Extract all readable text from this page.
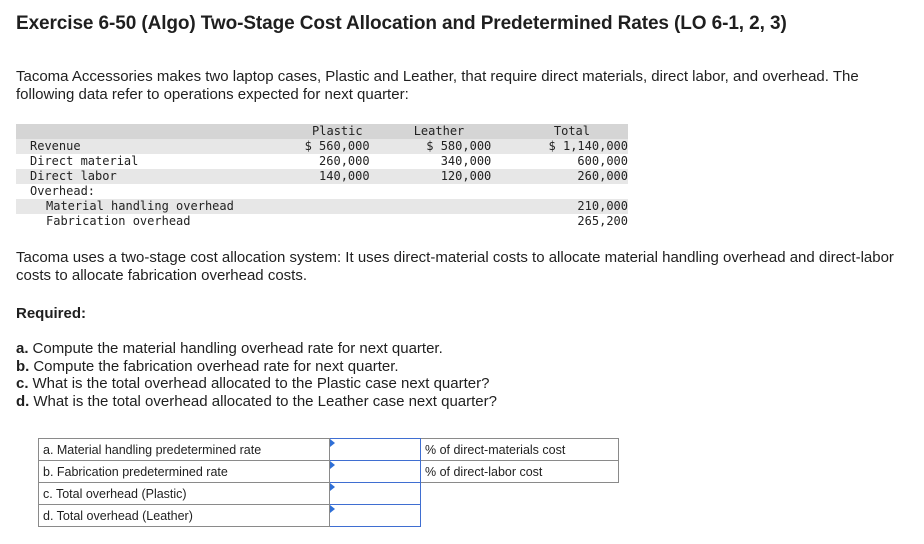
Exercise 6-50 (Algo) Two-Stage Cost Allocation and Predetermined Rates (LO 6-1, 2, 3)
Tacoma Accessories makes two laptop cases, Plastic and Leather, that require direct materials, direct labor, and overhead. The following data refer to operations expected for next quarter:
	Plastic	Leather	Total
Revenue	$ 560,000	$ 580,000	$ 1,140,000
Direct material	260,000	340,000	600,000
Direct labor	140,000	120,000	260,000
Overhead:			
Material handling overhead			210,000
Fabrication overhead			265,200
Tacoma uses a two-stage cost allocation system: It uses direct-material costs to allocate material handling overhead and direct-labor costs to allocate fabrication overhead costs.
Required:
a. Compute the material handling overhead rate for next quarter.
b. Compute the fabrication overhead rate for next quarter.
c. What is the total overhead allocated to the Plastic case next quarter?
d. What is the total overhead allocated to the Leather case next quarter?
a. Material handling predetermined rate		% of direct-materials cost
b. Fabrication predetermined rate		% of direct-labor cost
c. Total overhead (Plastic)	

d. Total overhead (Leather)	
